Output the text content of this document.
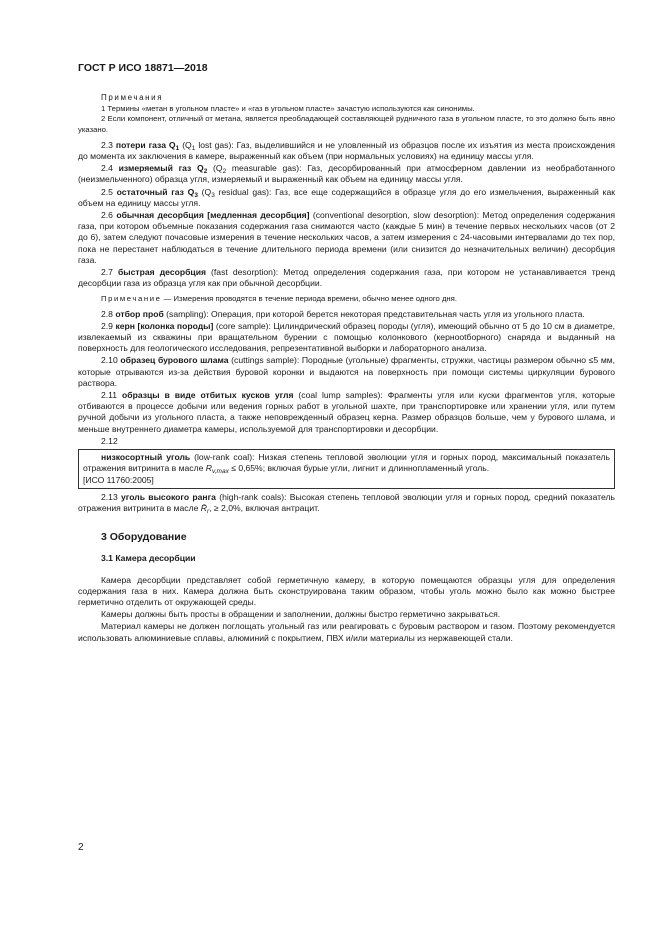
ГОСТ Р ИСО 18871—2018
Примечания

1 Термины «метан в угольном пласте» и «газ в угольном пласте» зачастую используются как синонимы.

2 Если компонент, отличный от метана, является преобладающей составляющей рудничного газа в угольном пласте, то это должно быть явно указано.

2.3 потери газа $Q_1$ ($Q_1$ lost gas): Газ, выделившийся и не уловленный из образцов после их изъятия из места происхождения до момента их заключения в камере, выраженный как объем (при нормальных условиях) на единицу массы угля.

2.4 измеряемый газ $Q_2$ ($Q_2$ measurable gas): Газ, десорбированный при атмосферном давлении из необработанного (неизмельченного) образца угля, измеряемый и выраженный как объем на единицу массы угля.

2.5 остаточный газ $Q_3$ ($Q_3$ residual gas): Газ, все еще содержащийся в образце угля до его измельчения, выраженный как объем на единицу массы угля.

2.6 обычная десорбция [медленная десорбция] (conventional desorption, slow desorption): Метод определения содержания газа, при котором объемные показания содержания газа снимаются часто (каждые 5 мин) в течение первых нескольких часов (от 2 до 6), затем следуют почасовые измерения в течение нескольких часов, а затем измерения с 24-часовыми интервалами до тех пор, пока не перестанет наблюдаться в течение длительного периода времени (или снизится до незначительных величин) десорбция газа.

2.7 быстрая десорбция (fast desorption): Метод определения содержания газа, при котором не устанавливается тренд десорбции газа из образца угля как при обычной десорбции.

Примечание — Измерения проводятся в течение периода времени, обычно менее одного дня.

2.8 отбор проб (sampling): Операция, при которой берется некоторая представительная часть угля из угольного пласта.

2.9 керн [колонка породы] (core sample): Цилиндрический образец породы (угля), имеющий обычно от 5 до 10 см в диаметре, извлекаемый из скважины при вращательном бурении с помощью колонкового (кернootборного) снаряда и выданный на поверхность для геологического исследования, репрезентативной выборки и лабораторного анализа.

2.10 образец бурового шлама (cuttings sample): Породные (угольные) фрагменты, стружки, частицы размером обычно ≤5 мм, которые отрываются из-за действия буровой коронки и выдаются на поверхность при помощи системы циркуляции бурового раствора.

2.11 образцы в виде отбитых кусков угля (coal lump samples): Фрагменты угля или куски фрагментов угля, которые отбиваются в процессе добычи или ведения горных работ в угольной шахте, при транспортировке или хранении угля, или путем ручной добычи из угольного пласта, а также неповрежденный образец керна. Размер образцов больше, чем у бурового шлама, и меньше внутреннего диаметра камеры, используемой для транспортировки и десорбции.

2.12

низкосортный уголь (low-rank coal): Низкая степень тепловой эволюции угля и горных пород, максимальный показатель отражения витринита в масле $R_{v,max} \le 0,65\%$; включая бурые угли, лигнит и длиннопламенный уголь.

[ИСО 11760:2005]

2.13 уголь высокого ранга (high-rank coals): Высокая степень тепловой эволюции угля и горных пород, средний показатель отражения витринита в масле $R̄_r$, ≥ 2,0%, включая антрацит.

3 Оборудование
3.1 Камера десорбции

Камера десорбции представляет собой герметичную камеру, в которую помещаются образцы угля для определения содержания газа в них. Камера должна быть сконструирована таким образом, чтобы уголь можно было как можно быстрее герметично отделить от окружающей среды.

Камеры должны быть просты в обращении и заполнении, должны быстро герметично закрываться.

Материал камеры не должен поглощать угольный газ или реагировать с буровым раствором и газом. Поэтому рекомендуется использовать алюминиевые сплавы, алюминий с покрытием, ПВХ и/или материалы из нержавеющей стали.

2
